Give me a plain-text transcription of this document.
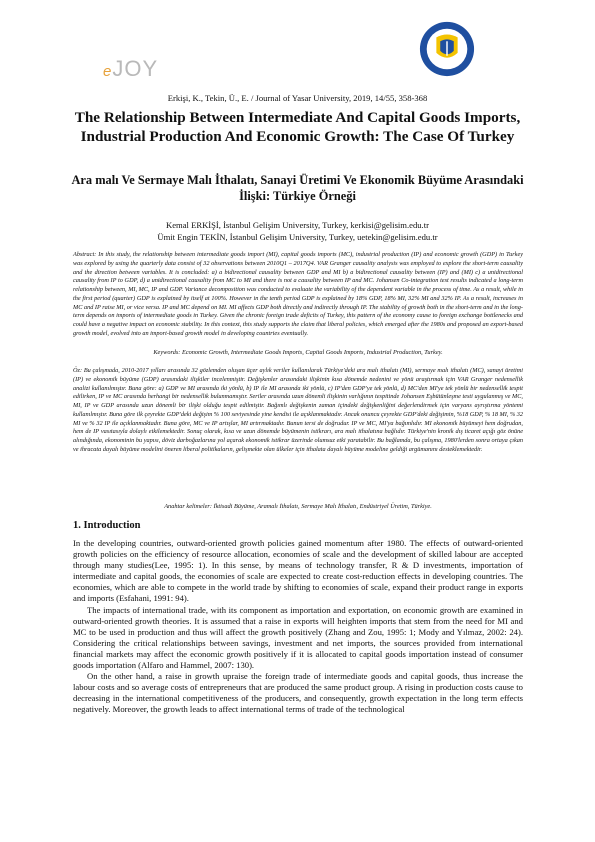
eJOY
Erkişi, K., Tekin, Ü., E. / Journal of Yasar University, 2019, 14/55, 358-368
The Relationship Between Intermediate And Capital Goods Imports, Industrial Production And Economic Growth: The Case Of Turkey
Ara malı Ve Sermaye Malı İthalatı, Sanayi Üretimi Ve Ekonomik Büyüme Arasındaki İlişki: Türkiye Örneği
Kemal ERKİŞİ, İstanbul Gelişim University, Turkey, kerkisi@gelisim.edu.tr
Ümit Engin TEKİN, İstanbul Gelişim University, Turkey, uetekin@gelisim.edu.tr

Abstract: In this study, the relationship between intermediate goods import (MI), capital goods imports (MC), industrial production (IP) and economic growth (GDP) in Turkey was explored by using the quarterly data consist of 32 observations between 2010Q1 – 2017Q4. VAR Granger causality analysis was employed to explore the short-term causality and the direction between variables. It is concluded: a) a bidirectional causality between GDP and MI b) a bidirectional causality between (IP) and (MI) c) a unidirectional causality from IP to GDP, d) a unidirectional causality from MC to MI and there is not a causality between IP and MC. Johansen Co-integration test results indicated a long-term relationship between, MI, MC, IP and GDP. Variance decomposition was conducted to evaluate the variability of the dependent variable in the process of time. As a result, while in the first period (quarter) GDP is explained by itself at 100%. However in the tenth period GDP is explained by 18% GDP, 18% MI, 32% MI and 32% IP. As a result, increases in MC and IP raise MI, or vice versa. IP and MC depend on MI. MI affects GDP both directly and indirectly through IP. The stability of growth both in the short-term and in the long-term depends on imports of intermediate goods in Turkey. Given the chronic foreign trade deficits of Turkey, this pattern of the economy cause to foreign exchange bottlenecks and could have a negative impact on economic stability. In this context, this study supports the claim that liberal policies, which emerged after the 1980s and proposed an export-based growth model, evolved into an import-based growth model in developing countries eventually.

Keywords: Economic Growth, Intermediate Goods Imports, Capital Goods Imports, Industrial Production, Turkey.

Öz: Bu çalışmada, 2010-2017 yılları arasında 32 gözlemden oluşan üçer aylık veriler kullanılarak Türkiye'deki ara malı ithalatı (MI), sermaye malı ithalatı (MC), sanayi üretimi (IP) ve ekonomik büyüme (GDP) arasındaki ilişkiler incelenmiştir. Değişkenler arasındaki ilişkinin kısa dönemde nedenini ve yönü araştırmak için VAR Granger nedensellik analizi kullanılmıştır. Buna göre: a) GDP ve MI arasında iki yönlü, b) IP ile MI arasında iki yönlü, c) IP'den GDP'ye tek yönlü, d) MC'den MI'ye tek yönlü bir nedensellik tespit edilirken, IP ve MC arasında herhangi bir nedensellik bulunmamıştır. Seriler arasında uzun dönemli ilişkinin varlığının tespitinde Johansen Eşbütünleşme testi uygulanmış ve MC, MI, IP ve GDP arasında uzun dönemli bir ilişki olduğu tespit edilmiştir. Bağımlı değişkenin zaman içindeki değişkenliğini değerlendirmek için varyans ayrıştırma yöntemi kullanılmıştır. Buna göre ilk çeyrekte GDP'deki değişim % 100 seviyesinde yine kendisi ile açıklanmaktadır. Ancak onuncu çeyrekte GDP'deki değişimin, %18 GDP, % 18 MI, % 32 MI ve % 32 IP ile açıklanmaktadır. Buna göre, MC ve IP artışlar, MI artırmaktadır. Bunun tersi de doğrudur. IP ve MC, MI'ya bağımlıdır. MI ekonomik büyümeyi hem doğrudan, hem de IP vasıtasıyla dolaylı etkilemektedir. Sonuç olarak, kısa ve uzun dönemde büyümenin istikrarı, ara malı ithalatına bağlıdır. Türkiye'nin kronik dış ticaret açığı göz önüne alındığında, ekonominin bu yapısı, döviz darboğazlarına yol açarak ekonomik istikrar üzerinde olumsuz etki yaratabilir. Bu bağlamda, bu çalışma, 1980'lerden sonra ortaya çıkan ve ihracata dayalı büyüme modelini öneren liberal politikaların, gelişmekte olan ülkeler için ithalata dayalı büyüme modeline geldiği argümanını desteklemektedir.

Anahtar kelimeler: İktisadi Büyüme, Aramalı İthalatı, Sermaye Malı İthalatı, Endüstriyel Üretim, Türkiye.
1. Introduction

In the developing countries, outward-oriented growth policies gained momentum after 1980. The effects of outward-oriented growth policies on the efficiency of resource allocation, economies of scale and the development of skilled labour are accepted through many studies(Lee, 1995: 1). In this sense, by means of technology transfer, R & D investments, importation of intermediate and capital goods, the economies of scale are expected to create cost-reduction effects in developing countries. The economies, which are able to compete in the world trade by shifting to economies of scale, expand their product range in exports and imports (Esfahani, 1991: 94).

The impacts of international trade, with its component as importation and exportation, on economic growth are examined in outward-oriented growth theories. It is assumed that a raise in exports will heighten imports that stem from the need for MI and MC to be used in production and thus will affect the growth positively (Zhang and Zou, 1995: 1; Mody and Yılmaz, 2002: 24). Considering the critical relationships between savings, investment and net imports, the sources provided from international financial markets may affect the economic growth positively if it is allocated to capital goods importation instead of consumer goods importation (Alfaro and Hammel, 2007: 130).

On the other hand, a raise in growth upraise the foreign trade of intermediate goods and capital goods, thus increase the labour costs and so average costs of entrepreneurs that are produced the same product group. A rising in production costs cause to decreasing in the international competitiveness of the producers, and consequently, growth expectation in the long term effects negatively. Moreover, the growth leads to affect international terms of trade of the technological
